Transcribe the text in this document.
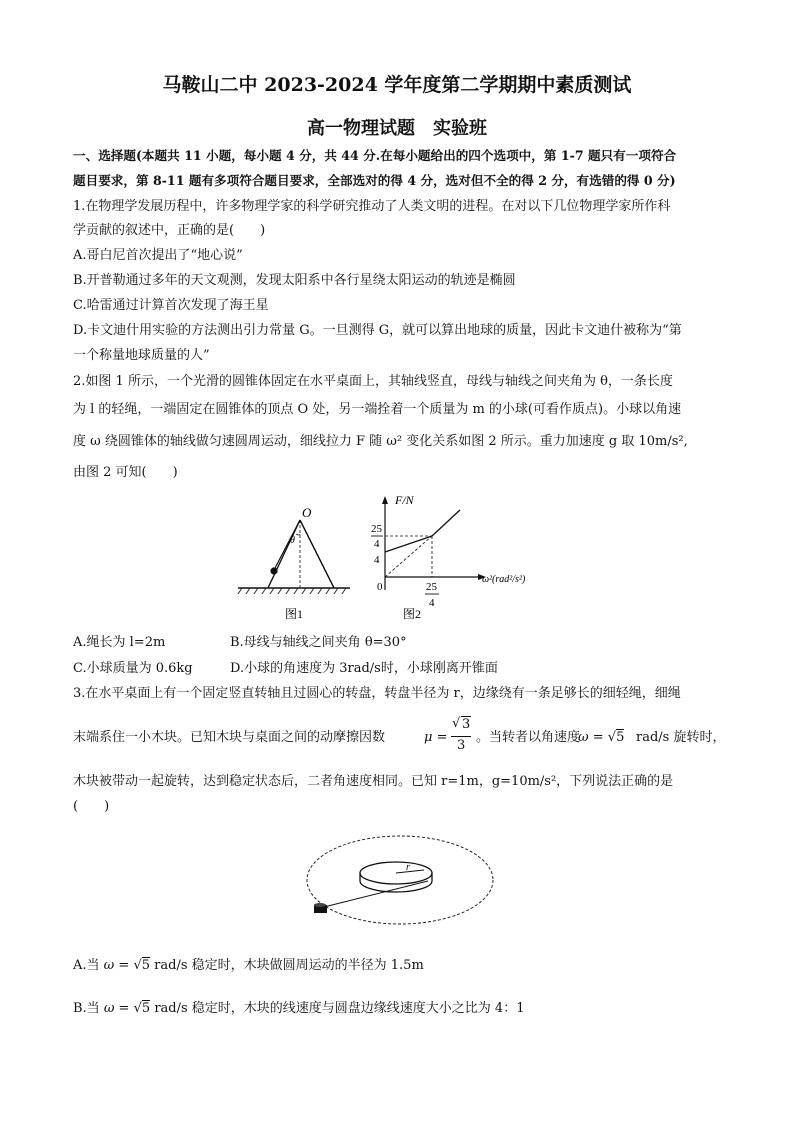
马鞍山二中 2023-2024 学年度第二学期期中素质测试
高一物理试题　实验班
一、选择题(本题共 11 小题，每小题 4 分，共 44 分.在每小题给出的四个选项中，第 1-7 题只有一项符合
题目要求，第 8-11 题有多项符合题目要求，全部选对的得 4 分，选对但不全的得 2 分，有选错的得 0 分)
1.在物理学发展历程中，许多物理学家的科学研究推动了人类文明的进程。在对以下几位物理学家所作科
学贡献的叙述中，正确的是(　　)
A.哥白尼首次提出了“地心说”
B.开普勒通过多年的天文观测，发现太阳系中各行星绕太阳运动的轨迹是椭圆
C.哈雷通过计算首次发现了海王星
D.卡文迪什用实验的方法测出引力常量 G。一旦测得 G，就可以算出地球的质量，因此卡文迪什被称为“第
一个称量地球质量的人”
2.如图 1 所示，一个光滑的圆锥体固定在水平桌面上，其轴线竖直，母线与轴线之间夹角为 θ，一条长度
为 l 的轻绳，一端固定在圆锥体的顶点 O 处，另一端拴着一个质量为 m 的小球(可看作质点)。小球以角速
度 ω 绕圆锥体的轴线做匀速圆周运动，细线拉力 F 随 ω² 变化关系如图 2 所示。重力加速度 g 取 10m/s²,
由图 2 可知(　　)
O
θ
图1
F/N
ω²(rad²/s²)
0
25
4
4
25
4
图2
A.绳长为 l=2m	B.母线与轴线之间夹角 θ=30°
C.小球质量为 0.6kg	D.小球的角速度为 3rad/s时，小球刚离开锥面
3.在水平桌面上有一个固定竖直转轴且过圆心的转盘，转盘半径为 r，边缘绕有一条足够长的细轻绳，细绳
末端系住一小木块。已知木块与桌面之间的动摩擦因数	μ =
√ 3
3
。当转者以角速度
ω = √5 rad/s 旋转时，
木块被带动一起旋转，达到稳定状态后，二者角速度相同。已知 r=1m，g=10m/s²，下列说法正确的是
(　　)
r
A.当 ω = √5 rad/s 稳定时，木块做圆周运动的半径为 1.5m
B.当 ω = √5 rad/s 稳定时，木块的线速度与圆盘边缘线速度大小之比为 4：1
